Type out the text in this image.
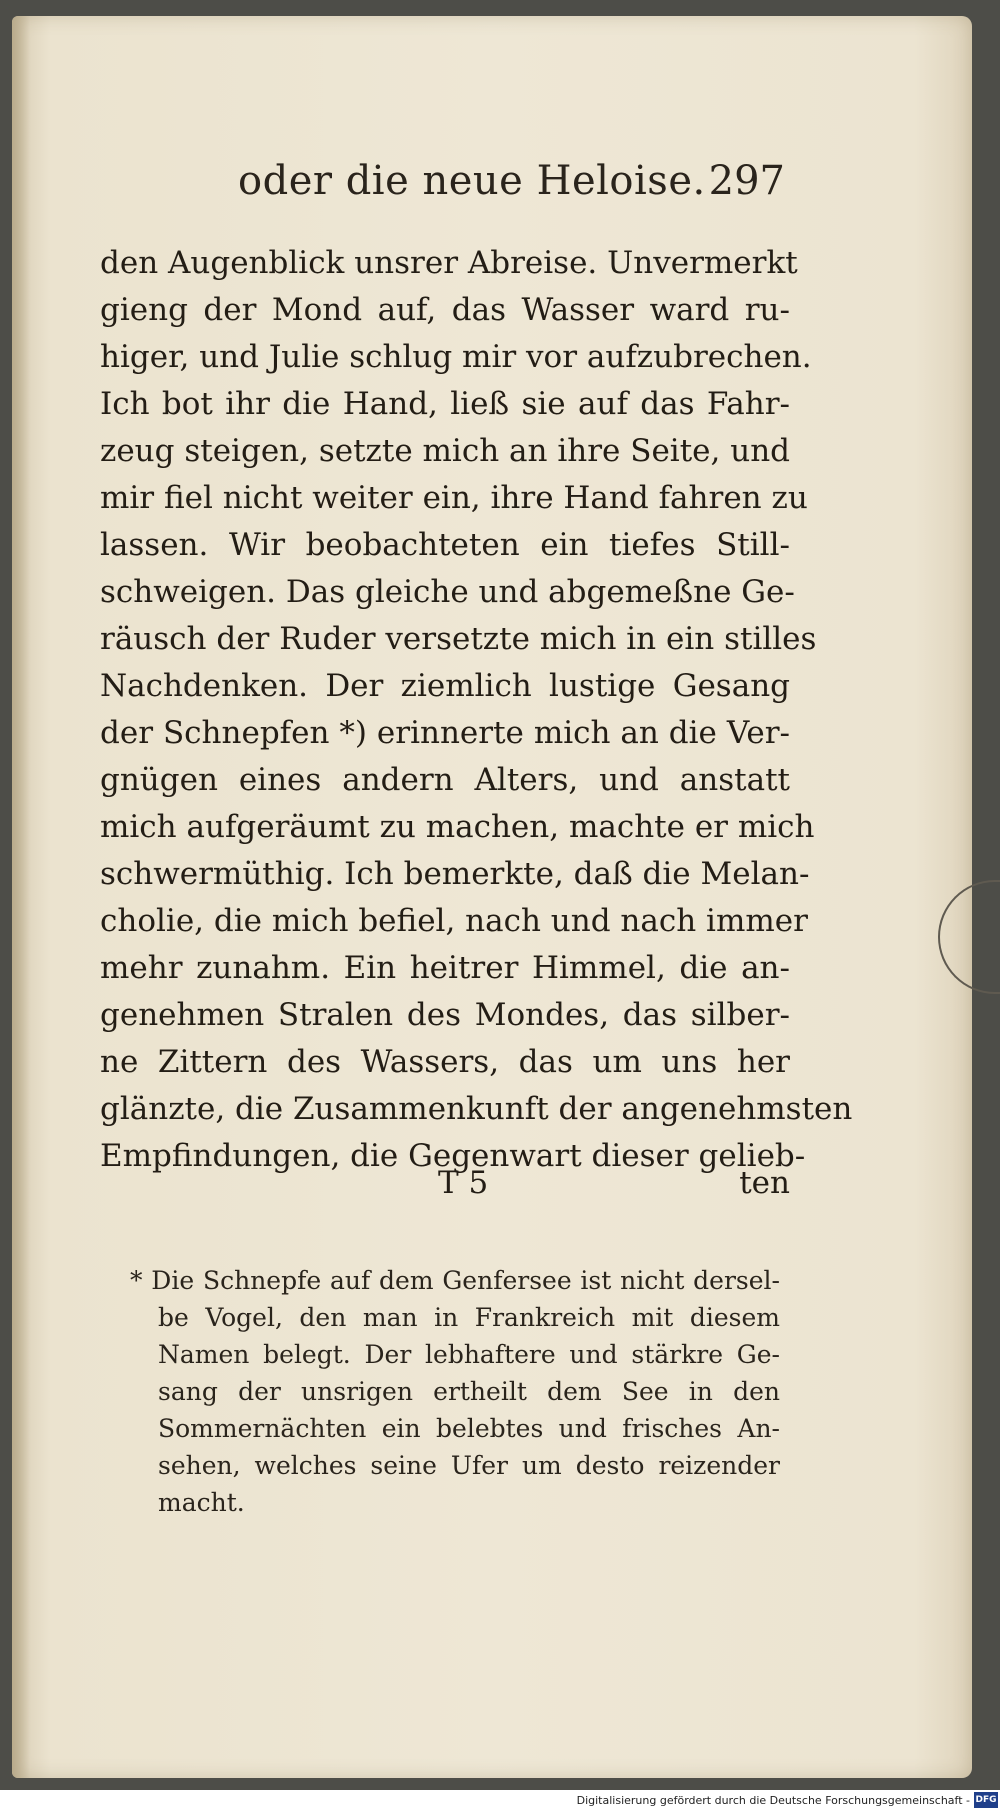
oder die neue Heloise. 297
den Augenblick unsrer Abreise. Unvermerkt
gieng der Mond auf, das Wasser ward ru-
higer, und Julie schlug mir vor aufzubrechen.
Ich bot ihr die Hand, ließ sie auf das Fahr-
zeug steigen, setzte mich an ihre Seite, und
mir fiel nicht weiter ein, ihre Hand fahren zu
lassen. Wir beobachteten ein tiefes Still-
schweigen. Das gleiche und abgemeßne Ge-
räusch der Ruder versetzte mich in ein stilles
Nachdenken. Der ziemlich lustige Gesang
der Schnepfen *) erinnerte mich an die Ver-
gnügen eines andern Alters, und anstatt
mich aufgeräumt zu machen, machte er mich
schwermüthig. Ich bemerkte, daß die Melan-
cholie, die mich befiel, nach und nach immer
mehr zunahm. Ein heitrer Himmel, die an-
genehmen Stralen des Mondes, das silber-
ne Zittern des Wassers, das um uns her
glänzte, die Zusammenkunft der angenehmsten
Empfindungen, die Gegenwart dieser gelieb-
T 5	ten
* Die Schnepfe auf dem Genfersee ist nicht dersel-
be Vogel, den man in Frankreich mit diesem
Namen belegt. Der lebhaftere und stärkre Ge-
sang der unsrigen ertheilt dem See in den
Sommernächten ein belebtes und frisches An-
sehen, welches seine Ufer um desto reizender
macht.
Digitalisierung gefördert durch die Deutsche Forschungsgemeinschaft - DFG
